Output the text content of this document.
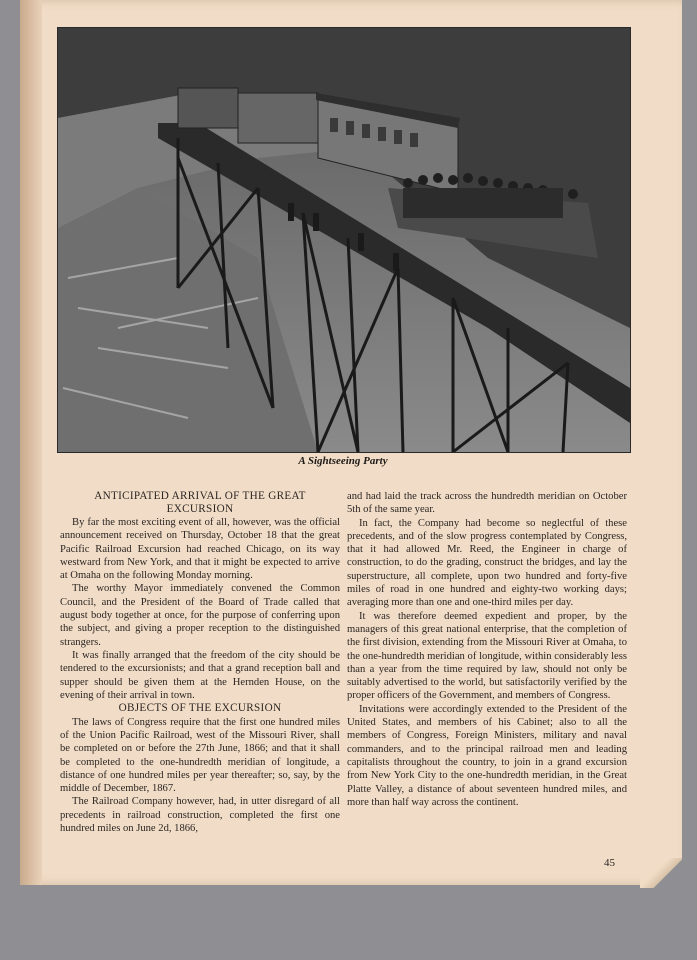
A Sightseeing Party
ANTICIPATED ARRIVAL OF THE GREAT EXCURSION

By far the most exciting event of all, however, was the official announcement received on Thursday, October 18 that the great Pacific Railroad Excursion had reached Chicago, on its way westward from New York, and that it might be expected to arrive at Omaha on the following Monday morning.

The worthy Mayor immediately convened the Common Council, and the President of the Board of Trade called that august body together at once, for the purpose of conferring upon the subject, and giving a proper reception to the distinguished strangers.

It was finally arranged that the freedom of the city should be tendered to the excursionists; and that a grand reception ball and supper should be given them at the Hernden House, on the evening of their arrival in town.

OBJECTS OF THE EXCURSION

The laws of Congress require that the first one hundred miles of the Union Pacific Railroad, west of the Missouri River, shall be completed on or before the 27th June, 1866; and that it shall be completed to the one-hundredth meridian of longitude, a distance of one hundred miles per year thereafter; so, say, by the middle of December, 1867.

The Railroad Company however, had, in utter disregard of all precedents in railroad construction, completed the first one hundred miles on June 2d, 1866,

and had laid the track across the hundredth meridian on October 5th of the same year.

In fact, the Company had become so neglectful of these precedents, and of the slow progress contemplated by Congress, that it had allowed Mr. Reed, the Engineer in charge of construction, to do the grading, construct the bridges, and lay the superstructure, all complete, upon two hundred and forty-five miles of road in one hundred and eighty-two working days; averaging more than one and one-third miles per day.

It was therefore deemed expedient and proper, by the managers of this great national enterprise, that the completion of the first division, extending from the Missouri River at Omaha, to the one-hundredth meridian of longitude, within considerably less than a year from the time required by law, should not only be suitably advertised to the world, but satisfactorily verified by the proper officers of the Government, and members of Congress.

Invitations were accordingly extended to the President of the United States, and members of his Cabinet; also to all the members of Congress, Foreign Ministers, military and naval commanders, and to the principal railroad men and leading capitalists throughout the country, to join in a grand excursion from New York City to the one-hundredth meridian, in the Great Platte Valley, a distance of about seventeen hundred miles, and more than half way across the continent.

45
